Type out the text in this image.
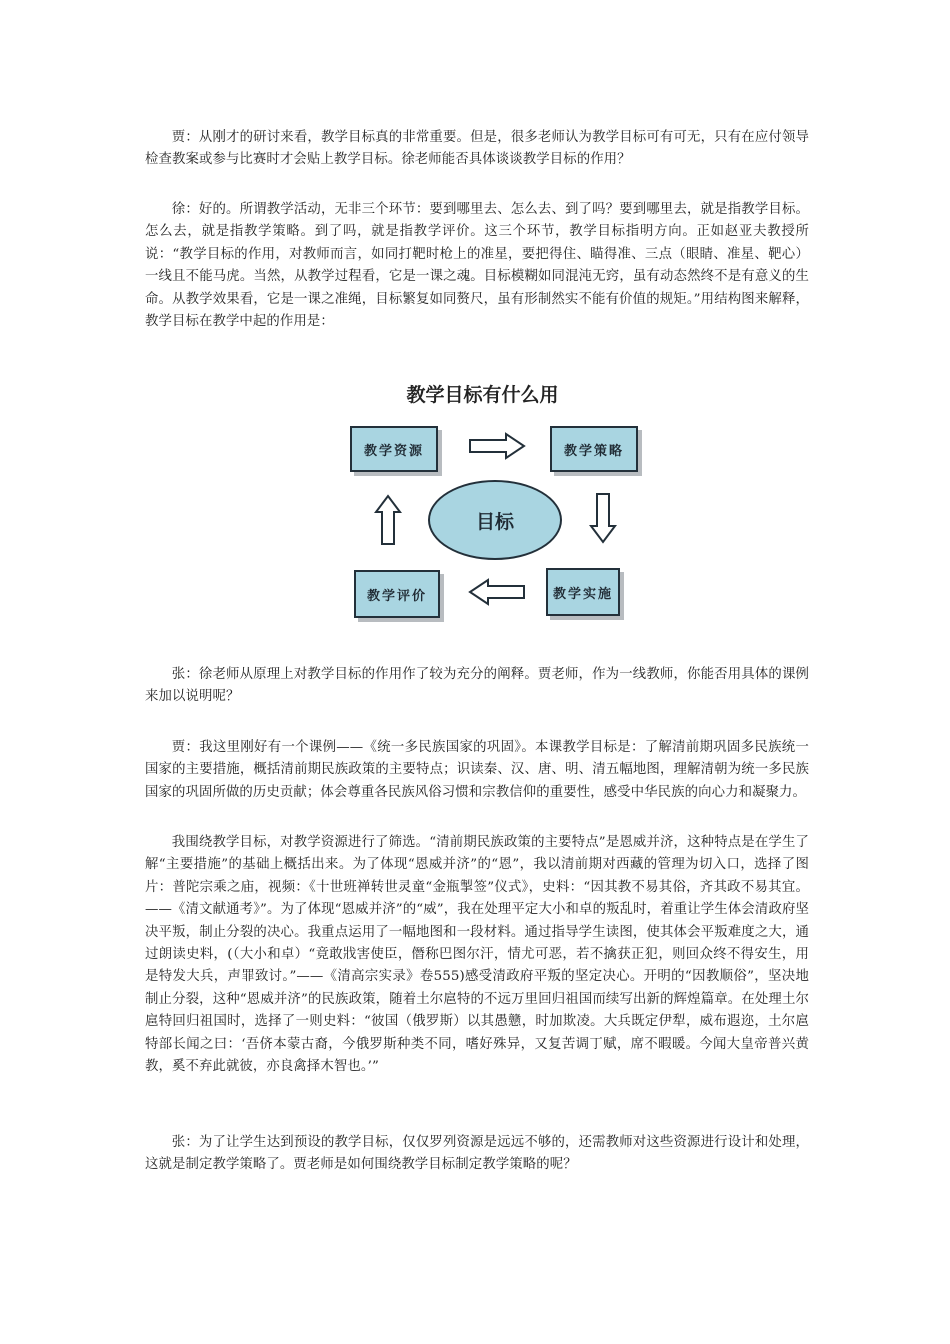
贾：从刚才的研讨来看，教学目标真的非常重要。但是，很多老师认为教学目标可有可无，只有在应付领导检查教案或参与比赛时才会贴上教学目标。徐老师能否具体谈谈教学目标的作用？

徐：好的。所谓教学活动，无非三个环节：要到哪里去、怎么去、到了吗？要到哪里去，就是指教学目标。怎么去，就是指教学策略。到了吗，就是指教学评价。这三个环节，教学目标指明方向。正如赵亚夫教授所说：“教学目标的作用，对教师而言，如同打靶时枪上的准星，要把得住、瞄得准、三点（眼睛、准星、靶心）一线且不能马虎。当然，从教学过程看，它是一课之魂。目标模糊如同混沌无窍，虽有动态然终不是有意义的生命。从教学效果看，它是一课之准绳，目标繁复如同赘尺，虽有形制然实不能有价值的规矩。”用结构图来解释，教学目标在教学中起的作用是：

教学目标有什么用
教学资源	教学策略
教学实施
教学评价
目标

张：徐老师从原理上对教学目标的作用作了较为充分的阐释。贾老师，作为一线教师，你能否用具体的课例来加以说明呢？

贾：我这里刚好有一个课例——《统一多民族国家的巩固》。本课教学目标是：了解清前期巩固多民族统一国家的主要措施，概括清前期民族政策的主要特点；识读秦、汉、唐、明、清五幅地图，理解清朝为统一多民族国家的巩固所做的历史贡献；体会尊重各民族风俗习惯和宗教信仰的重要性，感受中华民族的向心力和凝聚力。

我围绕教学目标，对教学资源进行了筛选。“清前期民族政策的主要特点”是恩威并济，这种特点是在学生了解“主要措施”的基础上概括出来。为了体现“恩威并济”的“恩”，我以清前期对西藏的管理为切入口，选择了图片：普陀宗乘之庙，视频：《十世班禅转世灵童“金瓶掣签”仪式》，史料：“因其教不易其俗，齐其政不易其宜。——《清文献通考》”。为了体现“恩威并济”的“威”，我在处理平定大小和卓的叛乱时，着重让学生体会清政府坚决平叛，制止分裂的决心。我重点运用了一幅地图和一段材料。通过指导学生读图，使其体会平叛难度之大，通过朗读史料，(（大小和卓）“竟敢戕害使臣，僭称巴图尔汗，情尤可恶，若不擒获正犯，则回众终不得安生，用是特发大兵，声罪致讨。”——《清高宗实录》卷555)感受清政府平叛的坚定决心。开明的“因教顺俗”，坚决地制止分裂，这种“恩威并济”的民族政策，随着土尔扈特的不远万里回归祖国而续写出新的辉煌篇章。在处理土尔扈特回归祖国时，选择了一则史料：“彼国（俄罗斯）以其愚戆，时加欺凌。大兵既定伊犁，威布遐迩，土尔扈特部长闻之曰：‘吾侪本蒙古裔，今俄罗斯种类不同，嗜好殊异，又复苦调丁赋，席不暇暖。今闻大皇帝普兴黄教，奚不弃此就彼，亦良禽择木智也。’”

张：为了让学生达到预设的教学目标，仅仅罗列资源是远远不够的，还需教师对这些资源进行设计和处理，这就是制定教学策略了。贾老师是如何围绕教学目标制定教学策略的呢？
